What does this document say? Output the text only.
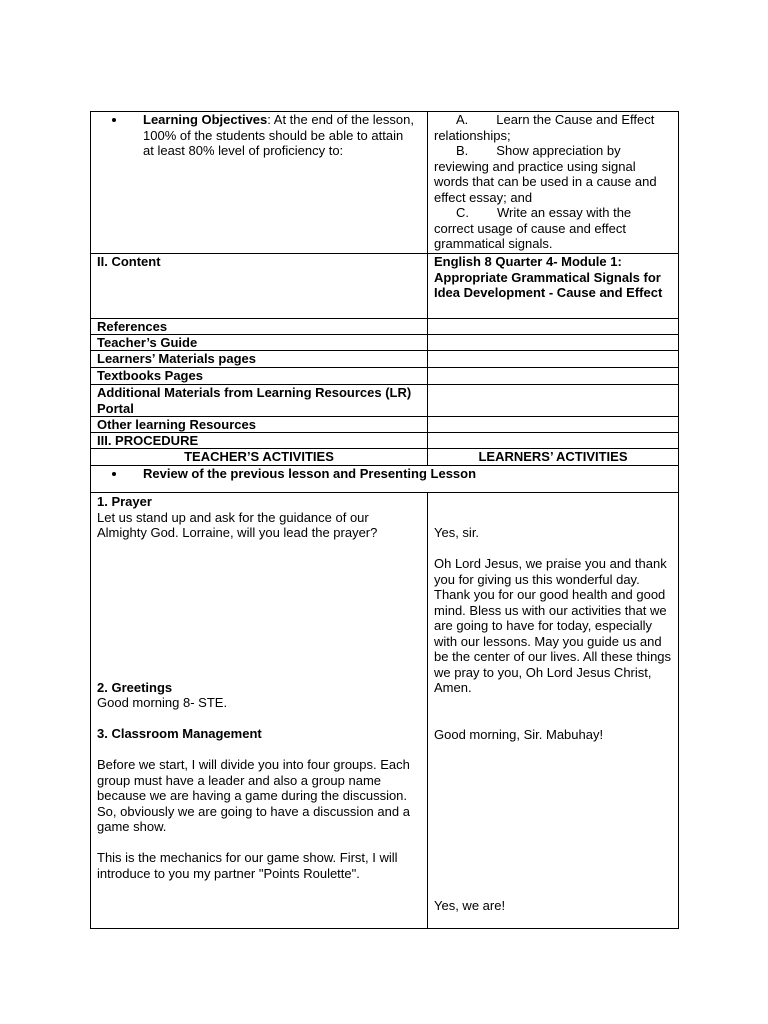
• Learning Objectives: At the end of the lesson, 100% of the students should be able to attain at least 80% level of proficiency to:

A. Learn the Cause and Effect relationships;

B. Show appreciation by reviewing and practice using signal words that can be used in a cause and effect essay; and

C. Write an essay with the correct usage of cause and effect grammatical signals.

II. Content	English 8 Quarter 4- Module 1: Appropriate Grammatical Signals for Idea Development - Cause and Effect
References
Teacher’s Guide
Learners’ Materials pages
Textbooks Pages
Additional Materials from Learning Resources (LR) Portal
Other learning Resources
III. PROCEDURE
TEACHER’S ACTIVITIES	LEARNERS’ ACTIVITIES
• Review of the previous lesson and Presenting Lesson

1. Prayer

Let us stand up and ask for the guidance of our Almighty God. Lorraine, will you lead the prayer?

2. Greetings

Good morning 8- STE.

3. Classroom Management

Before we start, I will divide you into four groups. Each group must have a leader and also a group name because we are having a game during the discussion. So, obviously we are going to have a discussion and a game show.

This is the mechanics for our game show. First, I will introduce to you my partner "Points Roulette".

Yes, sir.

Oh Lord Jesus, we praise you and thank you for giving us this wonderful day. Thank you for our good health and good mind. Bless us with our activities that we are going to have for today, especially with our lessons. May you guide us and be the center of our lives. All these things we pray to you, Oh Lord Jesus Christ, Amen.

Good morning, Sir. Mabuhay!

Yes, we are!
